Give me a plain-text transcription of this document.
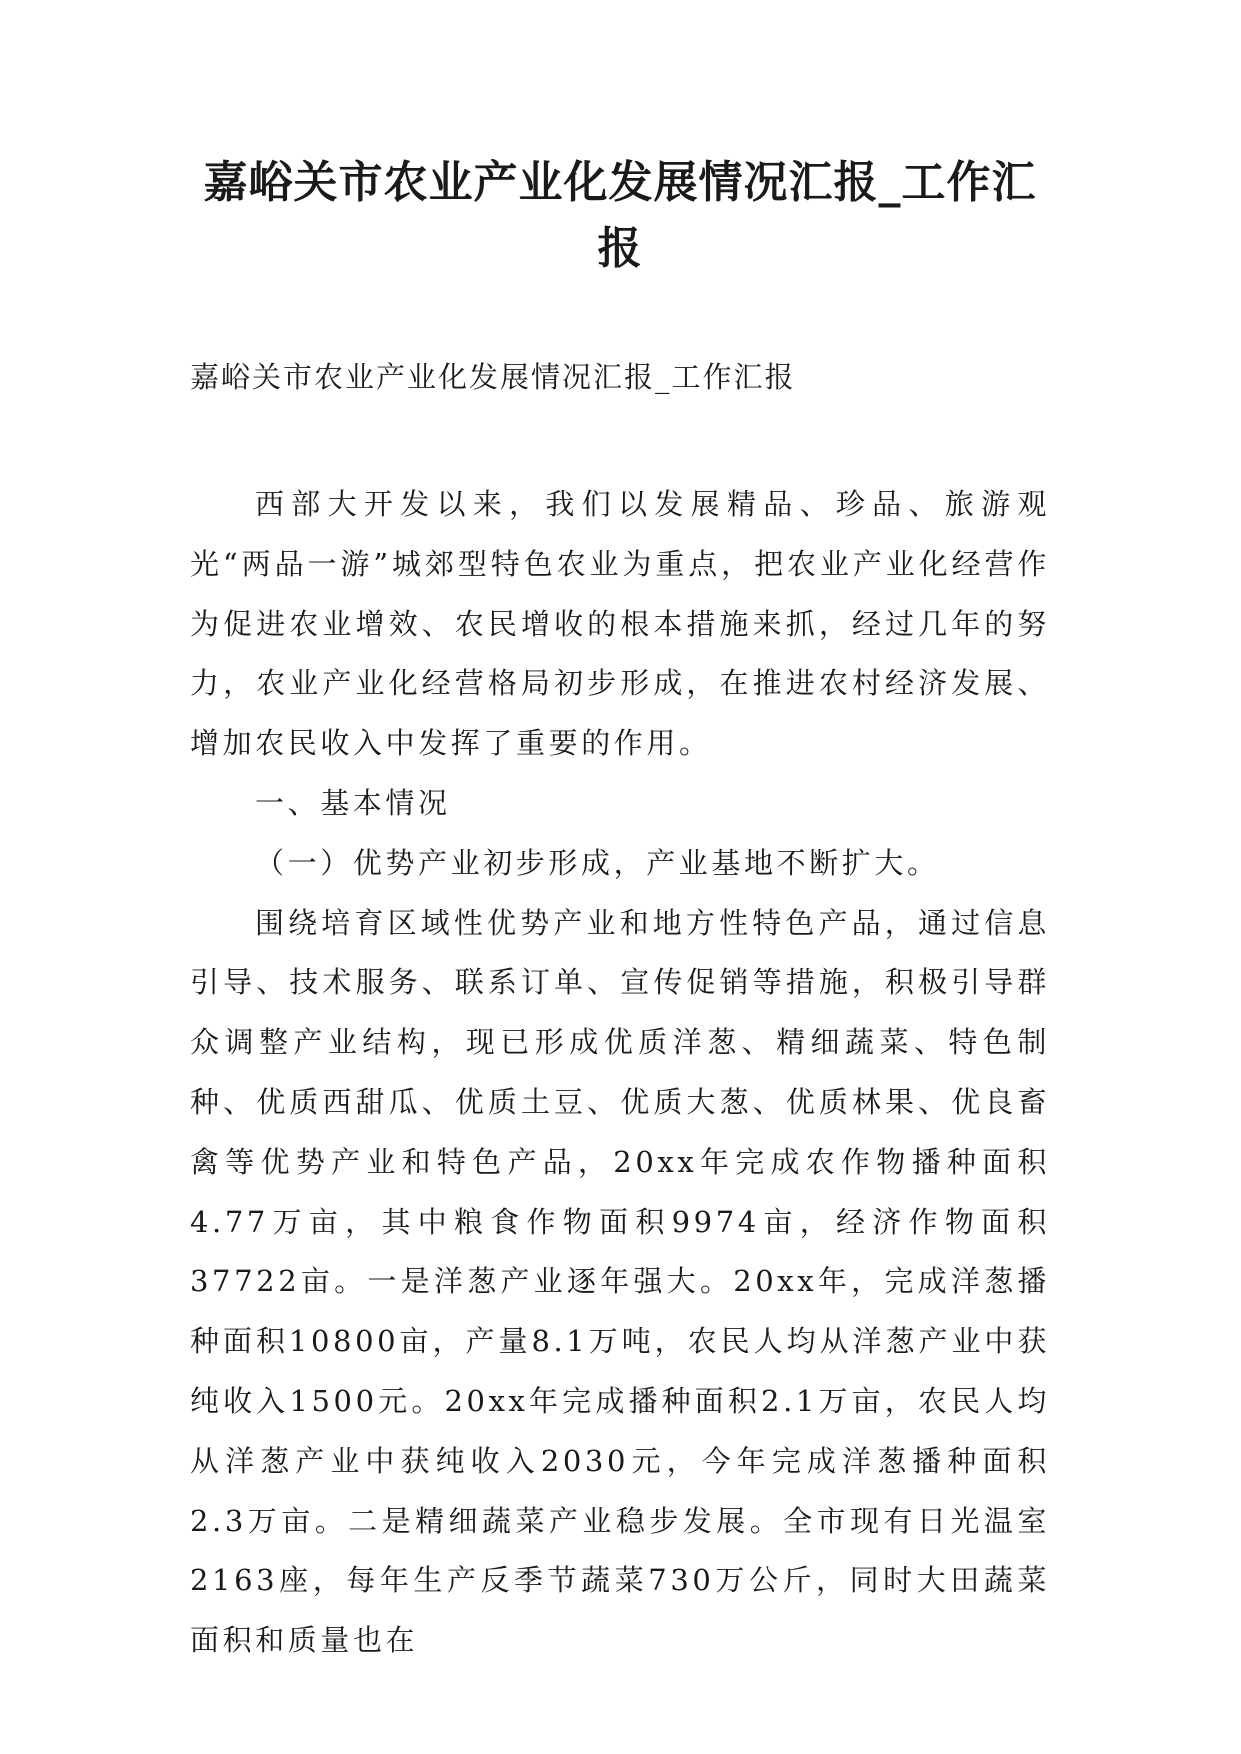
嘉峪关市农业产业化发展情况汇报_工作汇报

嘉峪关市农业产业化发展情况汇报_工作汇报

西部大开发以来，我们以发展精品、珍品、旅游观光“两品一游”城郊型特色农业为重点，把农业产业化经营作为促进农业增效、农民增收的根本措施来抓，经过几年的努力，农业产业化经营格局初步形成，在推进农村经济发展、增加农民收入中发挥了重要的作用。

一、基本情况

（一）优势产业初步形成，产业基地不断扩大。

围绕培育区域性优势产业和地方性特色产品，通过信息引导、技术服务、联系订单、宣传促销等措施，积极引导群众调整产业结构，现已形成优质洋葱、精细蔬菜、特色制种、优质西甜瓜、优质土豆、优质大葱、优质林果、优良畜禽等优势产业和特色产品，20xx年完成农作物播种面积4.77万亩，其中粮食作物面积9974亩，经济作物面积37722亩。一是洋葱产业逐年强大。20xx年，完成洋葱播种面积10800亩，产量8.1万吨，农民人均从洋葱产业中获纯收入1500元。20xx年完成播种面积2.1万亩，农民人均从洋葱产业中获纯收入2030元，今年完成洋葱播种面积2.3万亩。二是精细蔬菜产业稳步发展。全市现有日光温室2163座，每年生产反季节蔬菜730万公斤，同时大田蔬菜面积和质量也在
